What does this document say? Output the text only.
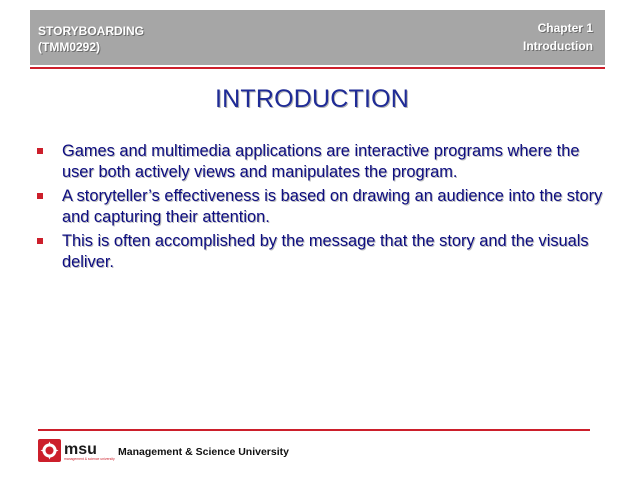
STORYBOARDING
(TMM0292)
Chapter 1
Introduction
INTRODUCTION
Games and multimedia applications are interactive programs where the user both actively views and manipulates the program.
A storyteller’s effectiveness is based on drawing an audience into the story and capturing their attention.
This is often accomplished by the message that the story and the visuals deliver.
msu
management & science university
Management & Science University
